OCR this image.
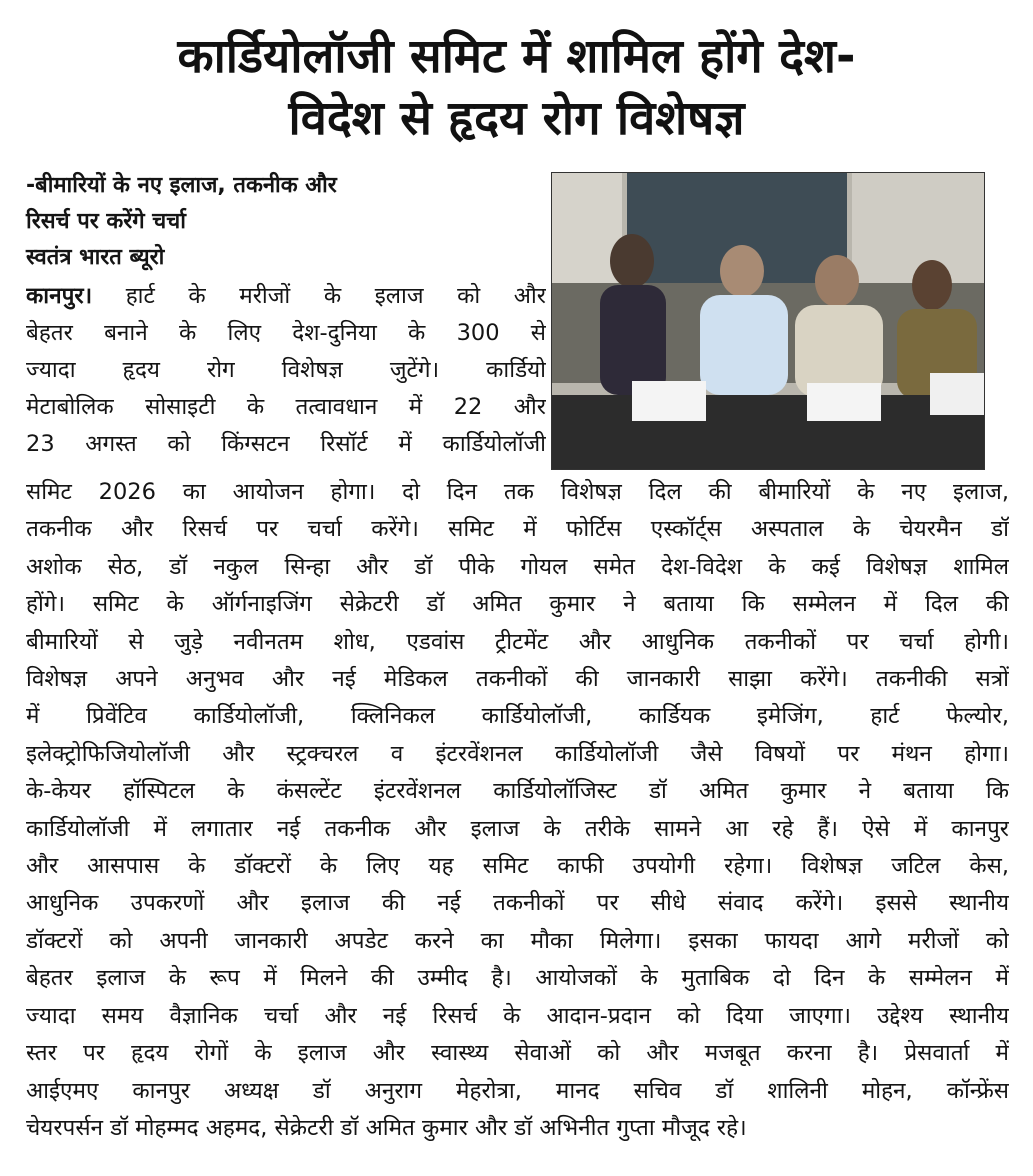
कार्डियोलॉजी समिट में शामिल होंगे देश-
विदेश से हृदय रोग विशेषज्ञ

-बीमारियों के नए इलाज, तकनीक और
रिसर्च पर करेंगे चर्चा

स्वतंत्र भारत ब्यूरो

कानपुर। हार्ट के मरीजों के इलाज को और
बेहतर बनाने के लिए देश-दुनिया के 300 से
ज्यादा हृदय रोग विशेषज्ञ जुटेंगे। कार्डियो
मेटाबोलिक सोसाइटी के तत्वावधान में 22 और
23 अगस्त को किंग्सटन रिसॉर्ट में कार्डियोलॉजी
समिट 2026 का आयोजन होगा। दो दिन तक विशेषज्ञ दिल की बीमारियों के नए इलाज,
तकनीक और रिसर्च पर चर्चा करेंगे। समिट में फोर्टिस एस्कॉर्ट्स अस्पताल के चेयरमैन डॉ
अशोक सेठ, डॉ नकुल सिन्हा और डॉ पीके गोयल समेत देश-विदेश के कई विशेषज्ञ शामिल
होंगे। समिट के ऑर्गनाइजिंग सेक्रेटरी डॉ अमित कुमार ने बताया कि सम्मेलन में दिल की
बीमारियों से जुड़े नवीनतम शोध, एडवांस ट्रीटमेंट और आधुनिक तकनीकों पर चर्चा होगी।
विशेषज्ञ अपने अनुभव और नई मेडिकल तकनीकों की जानकारी साझा करेंगे। तकनीकी सत्रों
में प्रिवेंटिव कार्डियोलॉजी, क्लिनिकल कार्डियोलॉजी, कार्डियक इमेजिंग, हार्ट फेल्योर,
इलेक्ट्रोफिजियोलॉजी और स्ट्रक्चरल व इंटरवेंशनल कार्डियोलॉजी जैसे विषयों पर मंथन होगा।
के-केयर हॉस्पिटल के कंसल्टेंट इंटरवेंशनल कार्डियोलॉजिस्ट डॉ अमित कुमार ने बताया कि
कार्डियोलॉजी में लगातार नई तकनीक और इलाज के तरीके सामने आ रहे हैं। ऐसे में कानपुर
और आसपास के डॉक्टरों के लिए यह समिट काफी उपयोगी रहेगा। विशेषज्ञ जटिल केस,
आधुनिक उपकरणों और इलाज की नई तकनीकों पर सीधे संवाद करेंगे। इससे स्थानीय
डॉक्टरों को अपनी जानकारी अपडेट करने का मौका मिलेगा। इसका फायदा आगे मरीजों को
बेहतर इलाज के रूप में मिलने की उम्मीद है। आयोजकों के मुताबिक दो दिन के सम्मेलन में
ज्यादा समय वैज्ञानिक चर्चा और नई रिसर्च के आदान-प्रदान को दिया जाएगा। उद्देश्य स्थानीय
स्तर पर हृदय रोगों के इलाज और स्वास्थ्य सेवाओं को और मजबूत करना है। प्रेसवार्ता में
आईएमए कानपुर अध्यक्ष डॉ अनुराग मेहरोत्रा, मानद सचिव डॉ शालिनी मोहन, कॉन्फ्रेंस
चेयरपर्सन डॉ मोहम्मद अहमद, सेक्रेटरी डॉ अमित कुमार और डॉ अभिनीत गुप्ता मौजूद रहे।
